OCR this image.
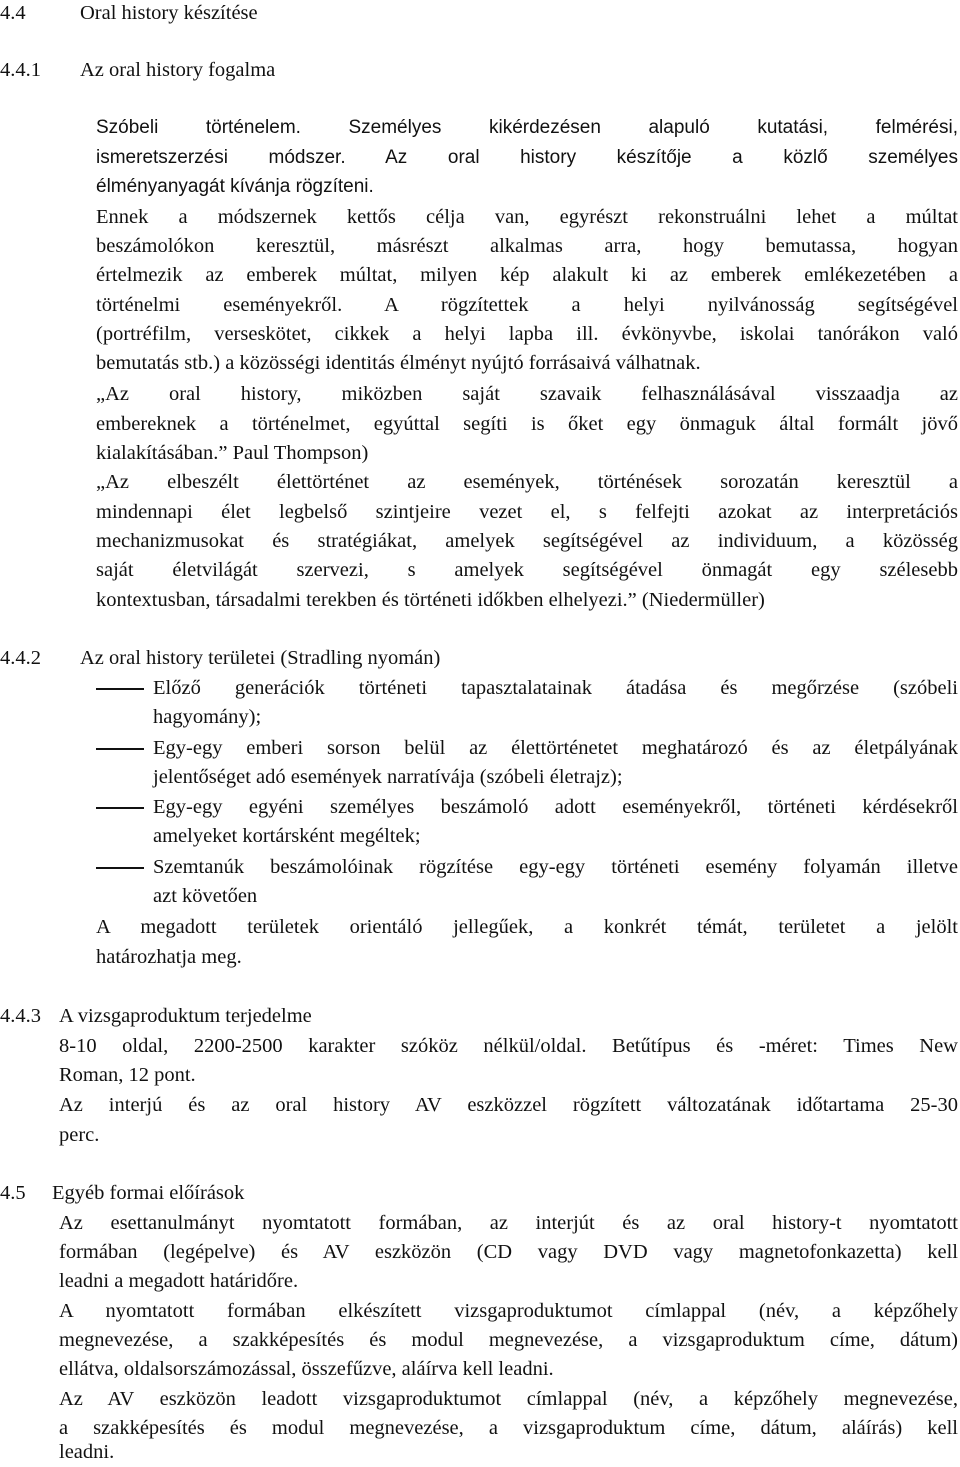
4.4	Oral history készítése
4.4.1 Az oral history fogalma
Szóbeli történelem. Személyes kikérdezésen alapuló kutatási, felmérési,
ismeretszerzési módszer. Az oral history készítője a közlő személyes
élményanyagát kívánja rögzíteni.
Ennek a módszernek kettős célja van, egyrészt rekonstruálni lehet a múltat
beszámolókon keresztül, másrészt alkalmas arra, hogy bemutassa, hogyan
értelmezik az emberek múltat, milyen kép alakult ki az emberek emlékezetében a
történelmi eseményekről. A rögzítettek a helyi nyilvánosság segítségével
(portréfilm, verseskötet, cikkek a helyi lapba ill. évkönyvbe, iskolai tanórákon való
bemutatás stb.) a közösségi identitás élményt nyújtó forrásaivá válhatnak.
„Az oral history, miközben saját szavaik felhasználásával visszaadja az
embereknek a történelmet, egyúttal segíti is őket egy önmaguk által formált jövő
kialakításában.” Paul Thompson)
„Az elbeszélt élettörténet az események, történések sorozatán keresztül a
mindennapi élet legbelső szintjeire vezet el, s felfejti azokat az interpretációs
mechanizmusokat és stratégiákat, amelyek segítségével az individuum, a közösség
saját életvilágát szervezi, s amelyek segítségével önmagát egy szélesebb
kontextusban, társadalmi terekben és történeti időkben elhelyezi.” (Niedermüller)
4.4.2 Az oral history területei (Stradling nyomán)
Előző generációk történeti tapasztalatainak átadása és megőrzése (szóbeli
hagyomány);
Egy-egy emberi sorson belül az élettörténetet meghatározó és az életpályának
jelentőséget adó események narratívája (szóbeli életrajz);
Egy-egy egyéni személyes beszámoló adott eseményekről, történeti kérdésekről
amelyeket kortársként megéltek;
Szemtanúk beszámolóinak rögzítése egy-egy történeti esemény folyamán illetve
azt követően
A megadott területek orientáló jellegűek, a konkrét témát, területet a jelölt
határozhatja meg.
4.4.3 A vizsgaproduktum terjedelme
8-10 oldal, 2200-2500 karakter szóköz nélkül/oldal. Betűtípus és -méret: Times New
Roman, 12 pont.
Az interjú és az oral history AV eszközzel rögzített változatának időtartama 25-30
perc.
4.5 Egyéb formai előírások
Az esettanulmányt nyomtatott formában, az interjút és az oral history-t nyomtatott
formában (legépelve) és AV eszközön (CD vagy DVD vagy magnetofonkazetta) kell
leadni a megadott határidőre.
A nyomtatott formában elkészített vizsgaproduktumot címlappal (név, a képzőhely
megnevezése, a szakképesítés és modul megnevezése, a vizsgaproduktum címe, dátum)
ellátva, oldalsorszámozással, összefűzve, aláírva kell leadni.
Az AV eszközön leadott vizsgaproduktumot címlappal (név, a képzőhely megnevezése,
a szakképesítés és modul megnevezése, a vizsgaproduktum címe, dátum, aláírás) kell
leadni.
